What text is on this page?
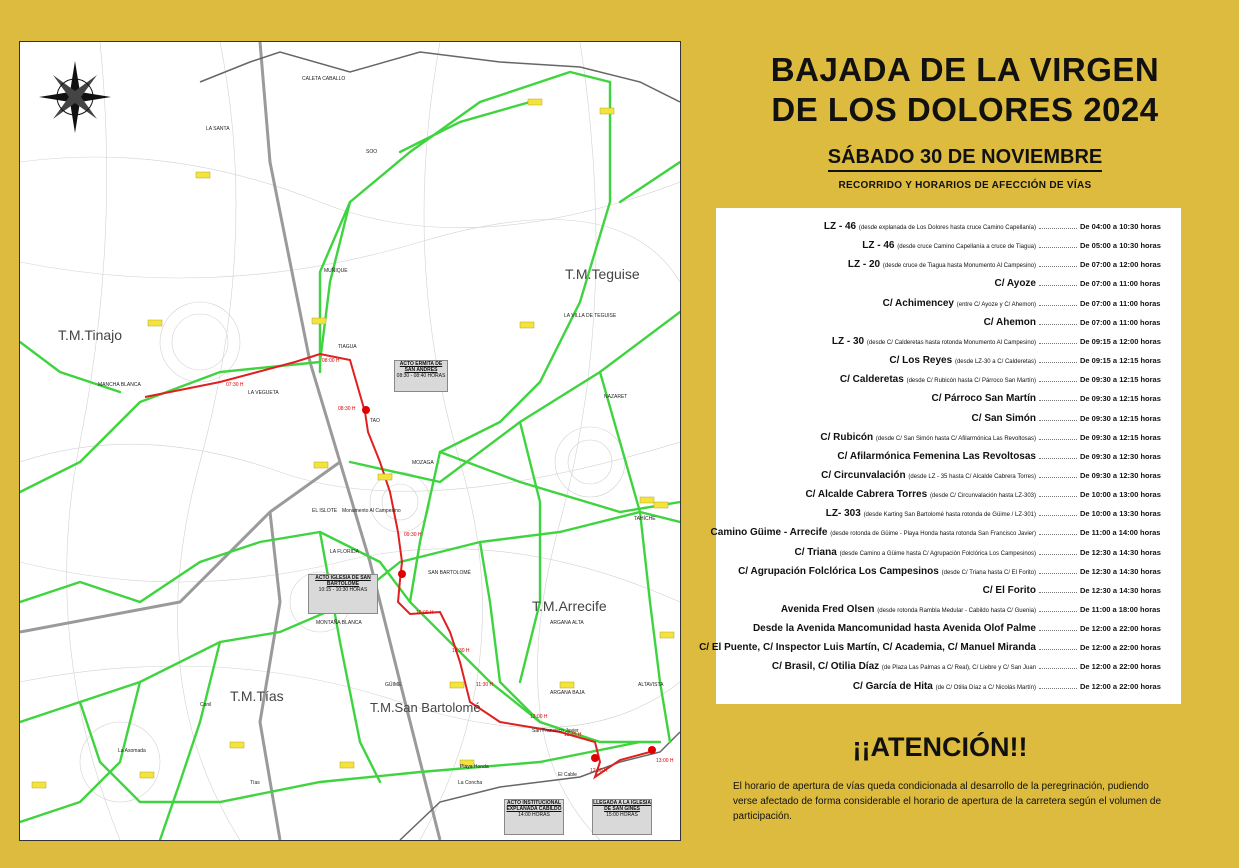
T.M.Tinajo
T.M.Teguise
T.M.Arrecife
T.M.Tías
T.M.San Bartolomé
TIAGUA
TAO
LA VEGUETA
MOZAGA
SAN BARTOLOMÉ
MONTAÑA BLANCA
GÜIME
San Francisco Javier
Playa Honda
La Concha
El Cable
Conil
La Asomada
Tías
LA FLORIDA
EL ISLOTE
MUÑIQUE
SOO
LA VILLA DE TEGUISE
CALETA CABALLO
LA SANTA
MANCHA BLANCA
NAZARET
TAHÍCHE
ARGANA ALTA
ARGANA BAJA
ALTAVISTA
Monumento Al Campesino
07:30 H
08:00 H
08:30 H
09:30 H
10:00 H
10:30 H
11:30 H
12:00 H
12:30 H
13:00 H
13:45 H
ACTO ERMITA DE SAN ANDRÉS
08:30 - 08:40 HORAS
ACTO IGLESIA DE SAN BARTOLOMÉ
10:15 - 10:30 HORAS
ACTO INSTITUCIONAL EXPLANADA CABILDO
14:00 HORAS
LLEGADA A LA IGLESIA DE SAN GINÉS
15:00 HORAS
BAJADA DE LA VIRGEN
DE LOS DOLORES 2024
SÁBADO 30 DE NOVIEMBRE
RECORRIDO Y HORARIOS DE AFECCIÓN DE VÍAS
LZ - 46 (desde explanada de Los Dolores hasta cruce Camino Capellanía)	De 04:00 a 10:30 horas
LZ - 46 (desde cruce Camino Capellanía a cruce de Tiagua)	De 05:00 a 10:30 horas
LZ - 20 (desde cruce de Tiagua hasta Monumento Al Campesino)	De 07:00 a 12:00 horas
C/ Ayoze	De 07:00 a 11:00 horas
C/ Achimencey (entre C/ Ayoze y C/ Ahemon)	De 07:00 a 11:00 horas
C/ Ahemon	De 07:00 a 11:00 horas
LZ - 30 (desde C/ Calderetas hasta rotonda Monumento Al Campesino)	De 09:15 a 12:00 horas
C/ Los Reyes (desde LZ-30 a C/ Calderetas)	De 09:15 a 12:15 horas
C/ Calderetas (desde C/ Rubicón hasta C/ Párroco San Martín)	De 09:30 a 12:15 horas
C/ Párroco San Martín	De 09:30 a 12:15 horas
C/ San Simón	De 09:30 a 12:15 horas
C/ Rubicón (desde C/ San Simón hasta C/ Afilarmónica Las Revoltosas)	De 09:30 a 12:15 horas
C/ Afilarmónica Femenina Las Revoltosas	De 09:30 a 12:30 horas
C/ Circunvalación (desde LZ - 35 hasta C/ Alcalde Cabrera Torres)	De 09:30 a 12:30 horas
C/ Alcalde Cabrera Torres (desde C/ Circunvalación hasta LZ-303)	De 10:00 a 13:00 horas
LZ- 303 (desde Karting San Bartolomé hasta rotonda de Güime / LZ-301)	De 10:00 a 13:30 horas
Camino Güime - Arrecife (desde rotonda de Güime - Playa Honda hasta rotonda San Francisco Javier)	De 11:00 a 14:00 horas
C/ Triana (desde Camino a Güime hasta C/ Agrupación Folclórica Los Campesinos)	De 12:30 a 14:30 horas
C/ Agrupación Folclórica Los Campesinos (desde C/ Triana hasta C/ El Forito)	De 12:30 a 14:30 horas
C/ El Forito	De 12:30 a 14:30 horas
Avenida Fred Olsen (desde rotonda Rambla Medular - Cabildo hasta C/ Guenia)	De 11:00 a 18:00 horas
Desde la Avenida Mancomunidad hasta Avenida Olof Palme	De 12:00 a 22:00 horas
C/ El Puente, C/ Inspector Luis Martín, C/ Academia, C/ Manuel Miranda	De 12:00 a 22:00 horas
C/ Brasil, C/ Otilia Díaz (de Plaza Las Palmas a C/ Real), C/ Liebre y C/ San Juan	De 12:00 a 22:00 horas
C/ García de Hita (de C/ Otilia Díaz a C/ Nicolás Martín)	De 12:00 a 22:00 horas
¡¡ATENCIÓN!!
El horario de apertura de vías queda condicionada al desarrollo de la peregrinación, pudiendo verse afectado de forma considerable el horario de apertura de la carretera según el volumen de participación.
